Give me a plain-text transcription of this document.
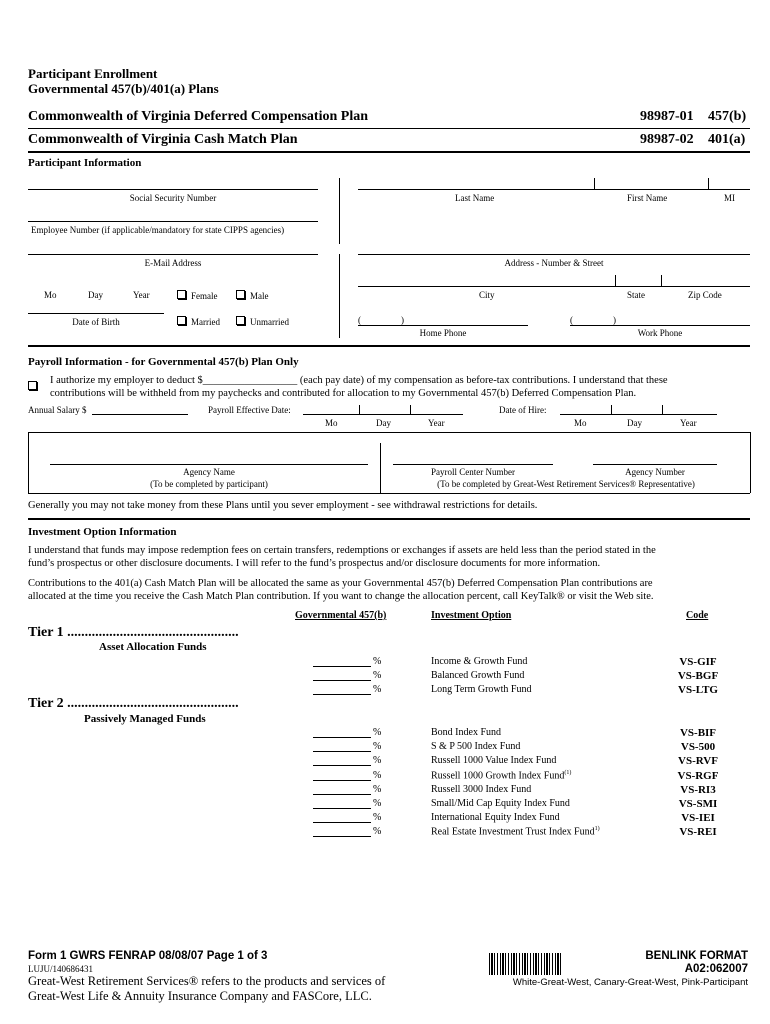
Participant Enrollment
Governmental 457(b)/401(a) Plans
Commonwealth of Virginia Deferred Compensation Plan	98987-01 457(b)
Commonwealth of Virginia Cash Match Plan	98987-02 401(a)
Participant Information
Social Security Number	Last Name	First Name	MI
Employee Number (if applicable/mandatory for state CIPPS agencies)
E-Mail Address	Address - Number & Street
Mo	Day	Year
Date of Birth
Female	Male
Married	Unmarried
City	State	Zip Code
(	)
Home Phone
(	)
Work Phone
Payroll Information - for Governmental 457(b) Plan Only
I authorize my employer to deduct $__________________ (each pay date) of my compensation as before-tax contributions. I understand that these
contributions will be withheld from my paychecks and contributed for allocation to my Governmental 457(b) Deferred Compensation Plan.
Annual Salary $	Payroll Effective Date:
Mo	Day	Year
Date of Hire:
Mo	Day	Year
Agency Name
(To be completed by participant)
Payroll Center Number	Agency Number
(To be completed by Great-West Retirement Services® Representative)
Generally you may not take money from these Plans until you sever employment - see withdrawal restrictions for details.
Investment Option Information
I understand that funds may impose redemption fees on certain transfers, redemptions or exchanges if assets are held less than the period stated in the
fund’s prospectus or other disclosure documents. I will refer to the fund’s prospectus and/or disclosure documents for more information.
Contributions to the 401(a) Cash Match Plan will be allocated the same as your Governmental 457(b) Deferred Compensation Plan contributions are
allocated at the time you receive the Cash Match Plan contribution. If you want to change the allocation percent, call KeyTalk® or visit the Web site.
Governmental 457(b)	Investment Option	Code
Tier 1 .................................................
Asset Allocation Funds
%	Income & Growth Fund	VS-GIF
%	Balanced Growth Fund	VS-BGF
%	Long Term Growth Fund	VS-LTG
Tier 2 .................................................
Passively Managed Funds
%	Bond Index Fund	VS-BIF
%	S & P 500 Index Fund	VS-500
%	Russell 1000 Value Index Fund	VS-RVF
%	Russell 1000 Growth Index Fund$^{(1)}$	VS-RGF
%	Russell 3000 Index Fund	VS-RI3
%	Small/Mid Cap Equity Index Fund	VS-SMI
%	International Equity Index Fund	VS-IEI
%	Real Estate Investment Trust Index Fund$^{1)}$	VS-REI
Form 1 GWRS FENRAP 08/08/07 Page 1 of 3
LUJU/140686431
Great-West Retirement Services® refers to the products and services of
Great-West Life & Annuity Insurance Company and FASCore, LLC.
BENLINK FORMAT
A02:062007
White-Great-West, Canary-Great-West, Pink-Participant
